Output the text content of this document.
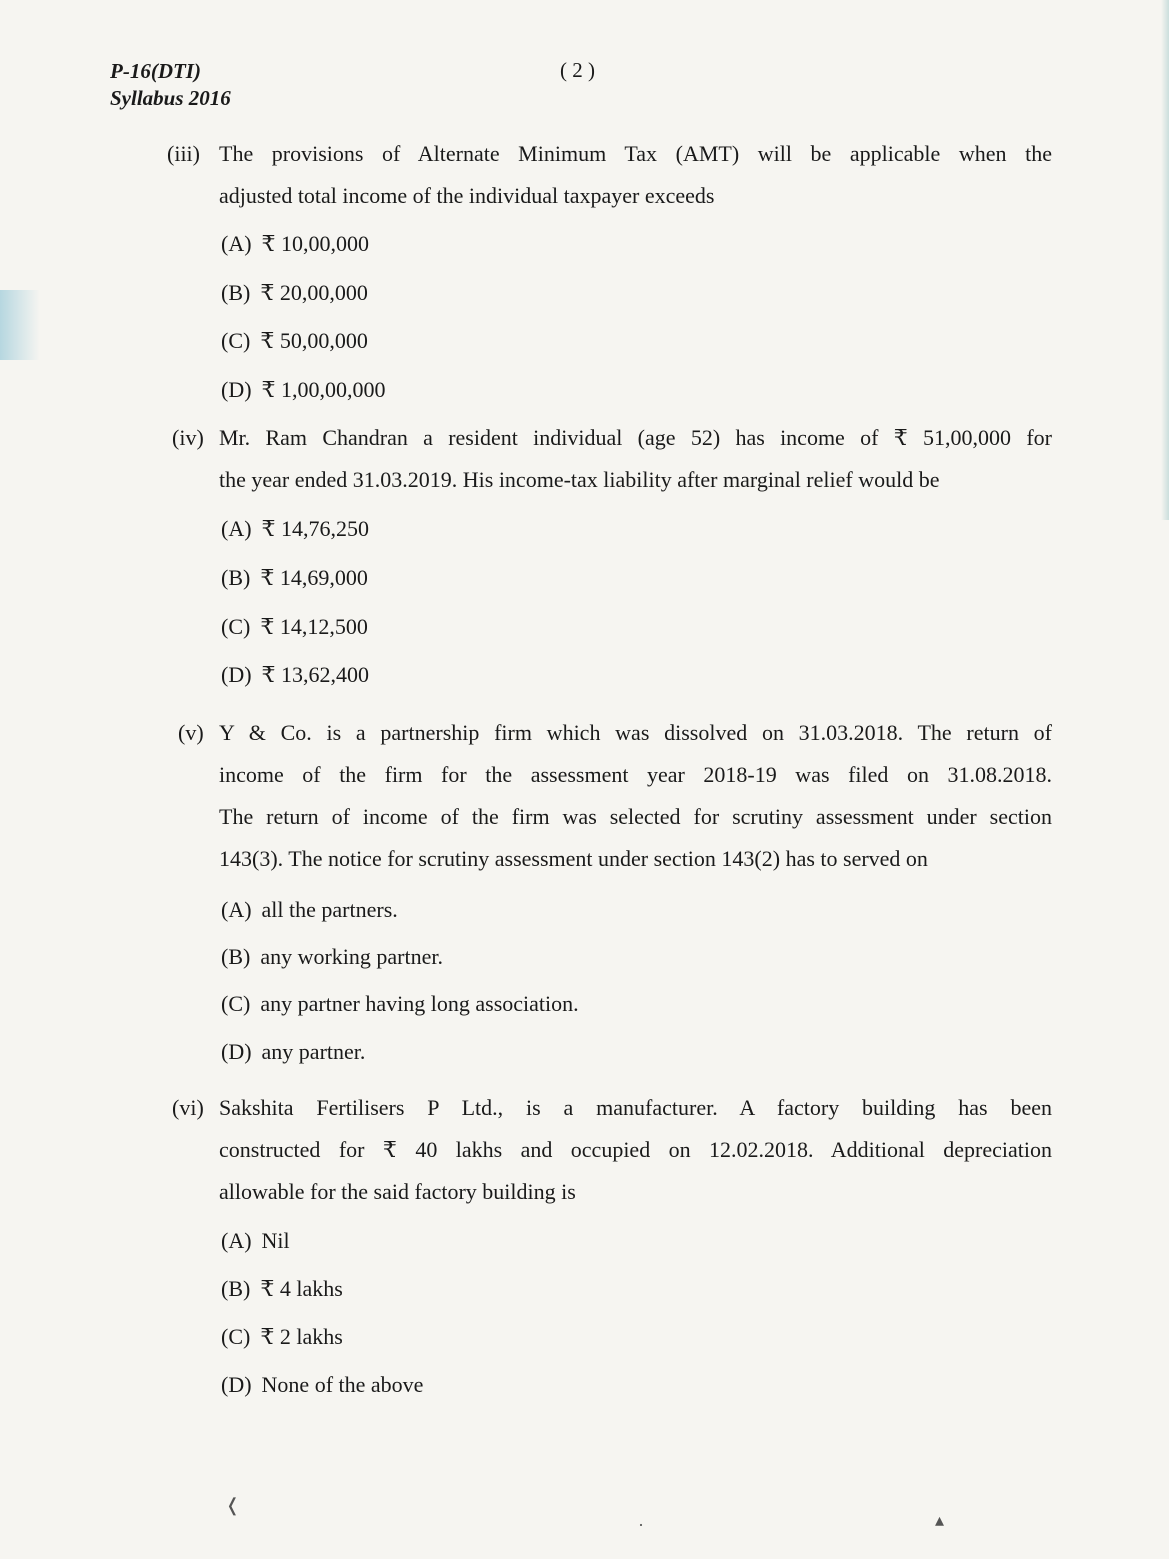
❬
▴
·
P-16(DTI)
Syllabus 2016
( 2 )
(iii) The provisions of Alternate Minimum Tax (AMT) will be applicable when the
adjusted total income of the individual taxpayer exceeds
(A) ₹ 10,00,000
(B) ₹ 20,00,000
(C) ₹ 50,00,000
(D) ₹ 1,00,00,000
(iv) Mr. Ram Chandran a resident individual (age 52) has income of ₹ 51,00,000 for
the year ended 31.03.2019. His income-tax liability after marginal relief would be
(A) ₹ 14,76,250
(B) ₹ 14,69,000
(C) ₹ 14,12,500
(D) ₹ 13,62,400
(v) Y & Co. is a partnership firm which was dissolved on 31.03.2018. The return of
income of the firm for the assessment year 2018-19 was filed on 31.08.2018.
The return of income of the firm was selected for scrutiny assessment under section
143(3). The notice for scrutiny assessment under section 143(2) has to served on
(A) all the partners.
(B) any working partner.
(C) any partner having long association.
(D) any partner.
(vi) Sakshita Fertilisers P Ltd., is a manufacturer. A factory building has been
constructed for ₹ 40 lakhs and occupied on 12.02.2018. Additional depreciation
allowable for the said factory building is
(A) Nil
(B) ₹ 4 lakhs
(C) ₹ 2 lakhs
(D) None of the above
